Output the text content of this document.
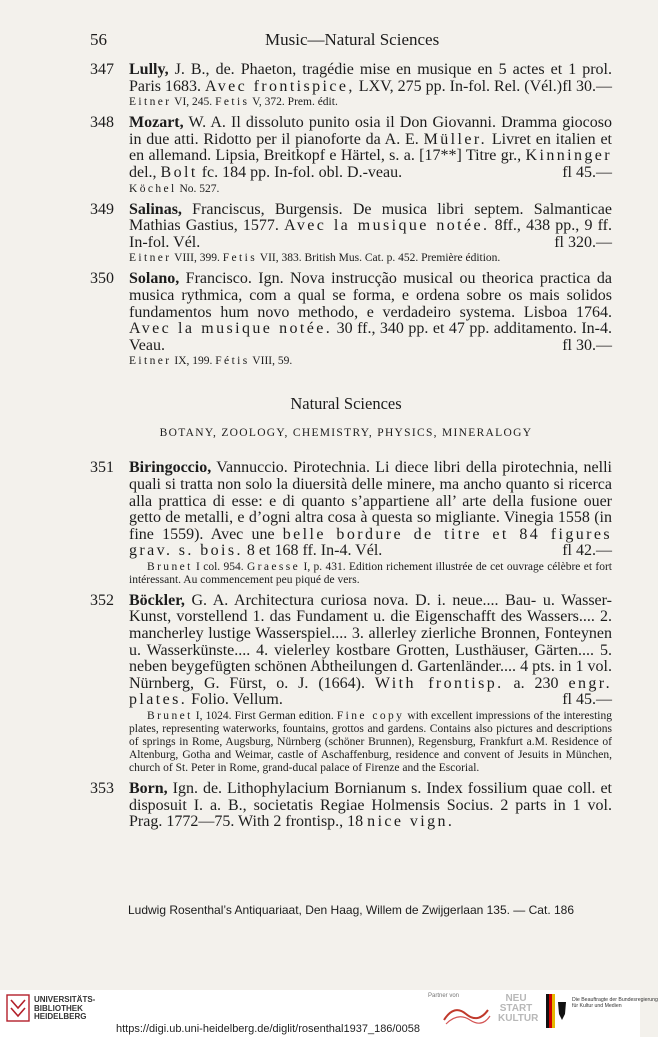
56	Music—Natural Sciences
347 Lully, J. B., de. Phaeton, tragédie mise en musique en 5 actes et 1 prol. Paris 1683. Avec frontispice, LXV, 275 pp. In-fol. Rel. (Vél.) fl 30.—
Eitner VI, 245. Fetis V, 372. Prem. édit.
348 Mozart, W. A. Il dissoluto punito osia il Don Giovanni. Dramma giocoso in due atti. Ridotto per il pianoforte da A. E. Müller. Livret en italien et en allemand. Lipsia, Breitkopf e Härtel, s. a. [17**] Titre gr., Kinninger del., Bolt fc. 184 pp. In-fol. obl. D.-veau.	fl 45.—
Köchel No. 527.
349 Salinas, Franciscus, Burgensis. De musica libri septem. Salmanticae Mathias Gastius, 1577. Avec la musique notée. 8ff., 438 pp., 9 ff. In-fol. Vél.	fl 320.—
Eitner VIII, 399. Fetis VII, 383. British Mus. Cat. p. 452. Première édition.
350 Solano, Francisco. Ign. Nova instrucção musical ou theorica practica da musica rythmica, com a qual se forma, e ordena sobre os mais solidos fundamentos hum novo methodo, e verdadeiro systema. Lisboa 1764. Avec la musique notée. 30 ff., 340 pp. et 47 pp. additamento. In-4. Veau.	fl 30.—
Eitner IX, 199. Fétis VIII, 59.
Natural Sciences
BOTANY, ZOOLOGY, CHEMISTRY, PHYSICS, MINERALOGY
351 Biringoccio, Vannuccio. Pirotechnia. Li diece libri della pirotechnia, nelli quali si tratta non solo la diuersità delle minere, ma ancho quanto si ricerca alla prattica di esse: e di quanto s’appartiene all’ arte della fusione ouer getto de metalli, e d’ogni altra cosa à questa so migliante. Vinegia 1558 (in fine 1559). Avec une belle bordure de titre et 84 figures grav. s. bois. 8 et 168 ff. In-4. Vél.	fl 42.—
Brunet I col. 954. Graesse I, p. 431. Edition richement illustrée de cet ouvrage célèbre et fort intéressant. Au commencement peu piqué de vers.
352 Böckler, G. A. Architectura curiosa nova. D. i. neue.... Bau- u. Wasser-Kunst, vorstellend 1. das Fundament u. die Eigenschafft des Wassers.... 2. mancherley lustige Wasserspiel.... 3. allerley zierliche Bronnen, Fonteynen u. Wasserkünste.... 4. vielerley kostbare Grotten, Lusthäuser, Gärten.... 5. neben beygefügten schönen Abtheilungen d. Gartenländer.... 4 pts. in 1 vol. Nürnberg, G. Fürst, o. J. (1664). With frontisp. a. 230 engr. plates. Folio. Vellum.	fl 45.—
Brunet I, 1024. First German edition. Fine copy with excellent impressions of the interesting plates, representing waterworks, fountains, grottos and gardens. Contains also pictures and descriptions of springs in Rome, Augsburg, Nürnberg (schöner Brunnen), Regensburg, Frankfurt a.M. Residence of Altenburg, Gotha and Weimar, castle of Aschaffenburg, residence and convent of Jesuits in München, church of St. Peter in Rome, grand-ducal palace of Firenze and the Escorial.
353 Born, Ign. de. Lithophylacium Bornianum s. Index fossilium quae coll. et disposuit I. a. B., societatis Regiae Holmensis Socius. 2 parts in 1 vol. Prag. 1772—75. With 2 frontisp., 18 nice vign.
Ludwig Rosenthal’s Antiquariaat, Den Haag, Willem de Zwijgerlaan 135. — Cat. 186
UNIVERSITÄTS-
BIBLIOTHEK
HEIDELBERG
Partner von	NEU
START
KULTUR
Die Beauftragte der Bundesregierung
für Kultur und Medien
https://digi.ub.uni-heidelberg.de/diglit/rosenthal1937_186/0058
